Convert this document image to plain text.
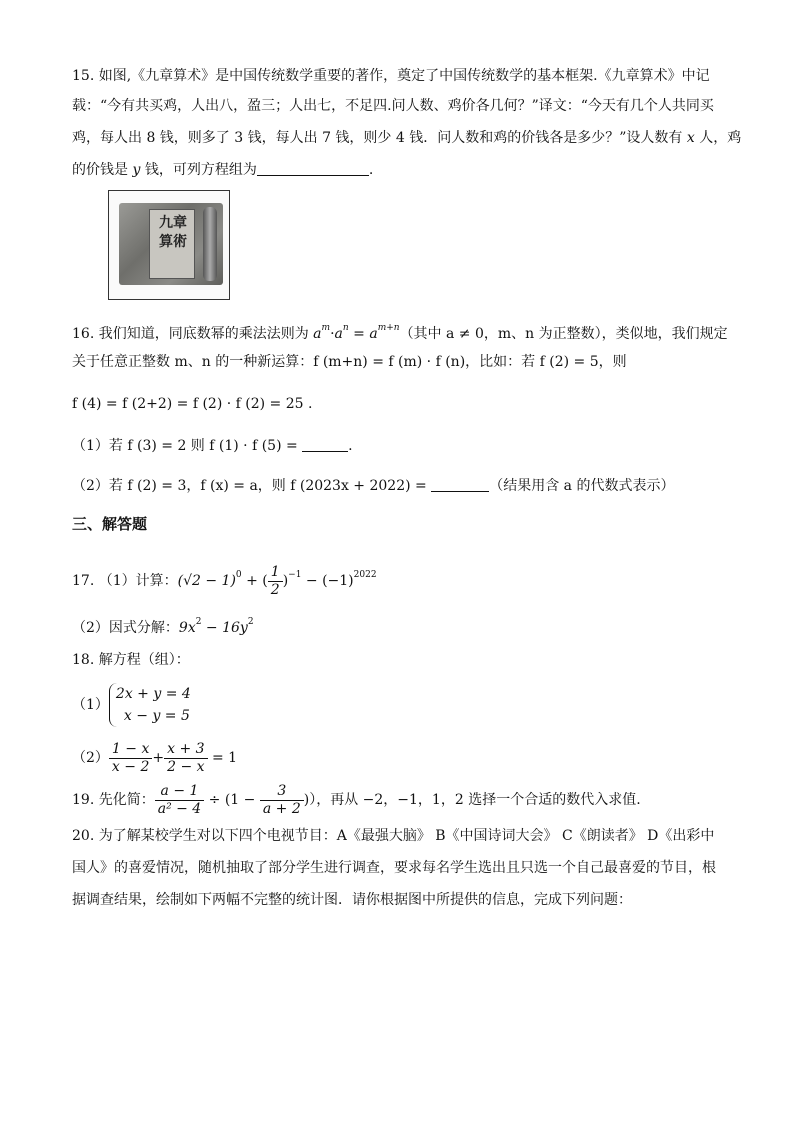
15. 如图,《九章算术》是中国传统数学重要的著作，奠定了中国传统数学的基本框架.《九章算术》中记
载：“今有共买鸡，人出八，盈三；人出七，不足四.问人数、鸡价各几何？”译文：“今天有几个人共同买
鸡，每人出 8 钱，则多了 3 钱，每人出 7 钱，则少 4 钱．问人数和鸡的价钱各是多少？”设人数有 x 人，鸡
的价钱是 y 钱，可列方程组为	.
九章算術
16. 我们知道，同底数幂的乘法法则为 $a^m\cdot a^n = a^{m+n}$（其中 a ≠ 0，m、n 为正整数），类似地，我们规定
关于任意正整数 m、n 的一种新运算：f (m+n) = f (m) · f (n)，比如：若 f (2) = 5，则
f (4) = f (2+2) = f (2) · f (2) = 25 .
（1）若 f (3) = 2 则 f (1) · f (5) =	.
（2）若 f (2) = 3，f (x) = a，则 f (2023x + 2022) =	（结果用含 a 的代数式表示）
三、解答题
17. （1）计算：$(√2 - 1)^0$ + ( $\frac{1}{2} )^{-1} - (-1)^{2022}$
（2）因式分解：$9x^2 - 16y^2$
18. 解方程（组）：
（1）
2x + y = 4
x − y = 5
$(2) \frac{1 - x}{x - 2} + \frac{x + 3}{2 - x} = 1$
19. 先化简： $\frac{a - 1}{\text{a² − 4}} \div (1 - \frac{3}{a + 2}$ )），再从 −2，−1，1，2 选择一个合适的数代入求值.
20. 为了解某校学生对以下四个电视节目：A《最强大脑》 B《中国诗词大会》 C《朗读者》 D《出彩中
国人》的喜爱情况，随机抽取了部分学生进行调查，要求每名学生选出且只选一个自己最喜爱的节目，根
据调查结果，绘制如下两幅不完整的统计图．请你根据图中所提供的信息，完成下列问题：
